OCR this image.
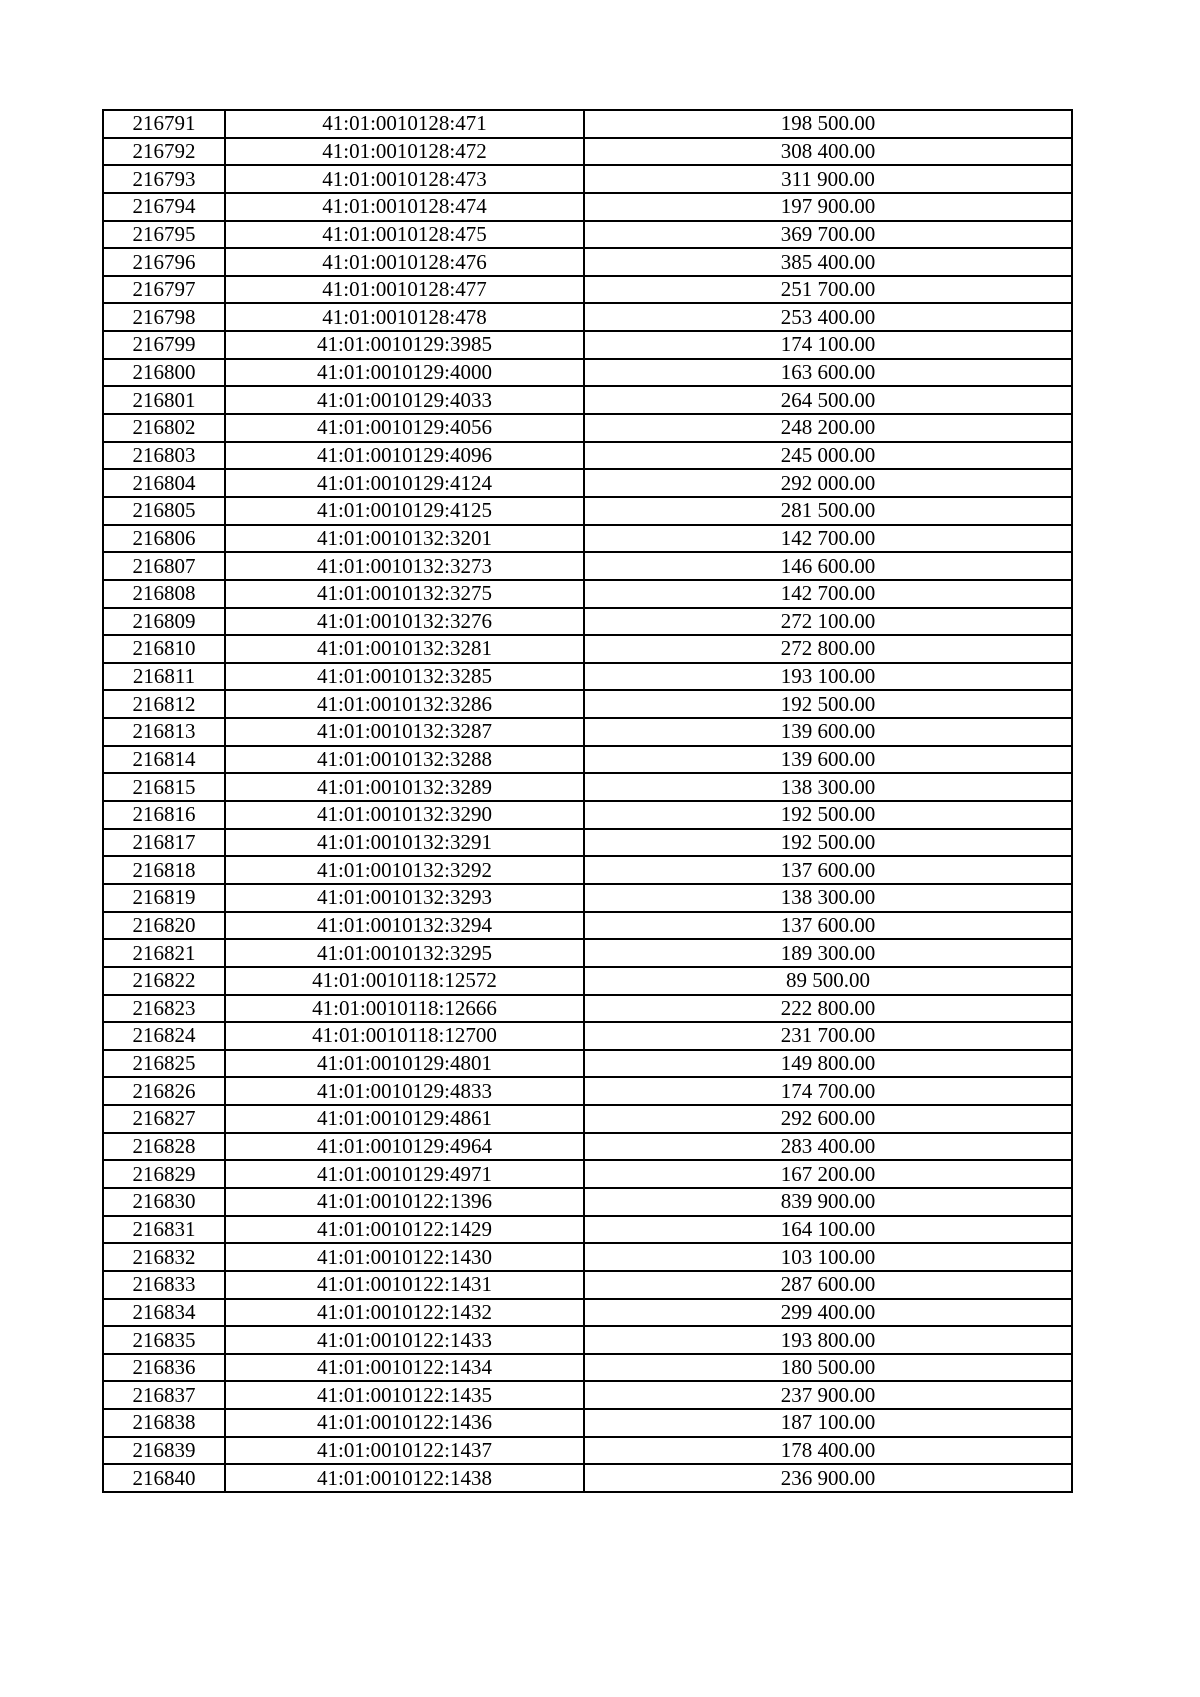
216791	41:01:0010128:471	198 500.00
216792	41:01:0010128:472	308 400.00
216793	41:01:0010128:473	311 900.00
216794	41:01:0010128:474	197 900.00
216795	41:01:0010128:475	369 700.00
216796	41:01:0010128:476	385 400.00
216797	41:01:0010128:477	251 700.00
216798	41:01:0010128:478	253 400.00
216799	41:01:0010129:3985	174 100.00
216800	41:01:0010129:4000	163 600.00
216801	41:01:0010129:4033	264 500.00
216802	41:01:0010129:4056	248 200.00
216803	41:01:0010129:4096	245 000.00
216804	41:01:0010129:4124	292 000.00
216805	41:01:0010129:4125	281 500.00
216806	41:01:0010132:3201	142 700.00
216807	41:01:0010132:3273	146 600.00
216808	41:01:0010132:3275	142 700.00
216809	41:01:0010132:3276	272 100.00
216810	41:01:0010132:3281	272 800.00
216811	41:01:0010132:3285	193 100.00
216812	41:01:0010132:3286	192 500.00
216813	41:01:0010132:3287	139 600.00
216814	41:01:0010132:3288	139 600.00
216815	41:01:0010132:3289	138 300.00
216816	41:01:0010132:3290	192 500.00
216817	41:01:0010132:3291	192 500.00
216818	41:01:0010132:3292	137 600.00
216819	41:01:0010132:3293	138 300.00
216820	41:01:0010132:3294	137 600.00
216821	41:01:0010132:3295	189 300.00
216822	41:01:0010118:12572	89 500.00
216823	41:01:0010118:12666	222 800.00
216824	41:01:0010118:12700	231 700.00
216825	41:01:0010129:4801	149 800.00
216826	41:01:0010129:4833	174 700.00
216827	41:01:0010129:4861	292 600.00
216828	41:01:0010129:4964	283 400.00
216829	41:01:0010129:4971	167 200.00
216830	41:01:0010122:1396	839 900.00
216831	41:01:0010122:1429	164 100.00
216832	41:01:0010122:1430	103 100.00
216833	41:01:0010122:1431	287 600.00
216834	41:01:0010122:1432	299 400.00
216835	41:01:0010122:1433	193 800.00
216836	41:01:0010122:1434	180 500.00
216837	41:01:0010122:1435	237 900.00
216838	41:01:0010122:1436	187 100.00
216839	41:01:0010122:1437	178 400.00
216840	41:01:0010122:1438	236 900.00
